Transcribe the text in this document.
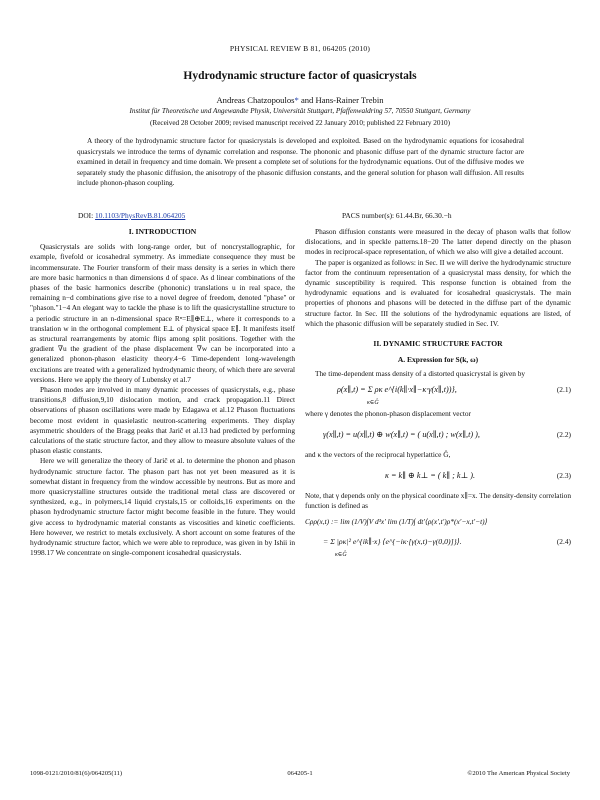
PHYSICAL REVIEW B 81, 064205 (2010)
Hydrodynamic structure factor of quasicrystals
Andreas Chatzopoulos* and Hans-Rainer Trebin
Institut für Theoretische und Angewandte Physik, Universität Stuttgart, Pfaffenwaldring 57, 70550 Stuttgart, Germany
(Received 28 October 2009; revised manuscript received 22 January 2010; published 22 February 2010)
A theory of the hydrodynamic structure factor for quasicrystals is developed and exploited. Based on the hydrodynamic equations for icosahedral quasicrystals we introduce the terms of dynamic correlation and response. The phononic and phasonic diffuse part of the dynamic structure factor are examined in detail in frequency and time domain. We present a complete set of solutions for the hydrodynamic equations. Out of the diffusive modes we separately study the phasonic diffusion, the anisotropy of the phasonic diffusion constants, and the general solution for phason wall diffusion. All results include phonon-phason coupling.
DOI: 10.1103/PhysRevB.81.064205	PACS number(s): 61.44.Br, 66.30.−h
I. INTRODUCTION

Quasicrystals are solids with long-range order, but of noncrystallographic, for example, fivefold or icosahedral symmetry. As immediate consequence they must be incommensurate. The Fourier transform of their mass density is a series in which there are more basic harmonics n than dimensions d of space. As d linear combinations of the phases of the basic harmonics describe (phononic) translations u in real space, the remaining n−d combinations give rise to a novel degree of freedom, denoted "phase" or "phason."1−4 An elegant way to tackle the phase is to lift the quasicrystalline structure to a periodic structure in an n-dimensional space Rⁿ=E∥⊕E⊥, where it corresponds to a translation w in the orthogonal complement E⊥ of physical space E∥. It manifests itself as structural rearrangements by atomic flips among split positions. Together with the gradient ∇u the gradient of the phase displacement ∇w can be incorporated into a generalized phonon-phason elasticity theory.4−6 Time-dependent long-wavelength excitations are treated with a generalized hydrodynamic theory, of which there are several versions. Here we apply the theory of Lubensky et al.7

Phason modes are involved in many dynamic processes of quasicrystals, e.g., phase transitions,8 diffusion,9,10 dislocation motion, and crack propagation.11 Direct observations of phason oscillations were made by Edagawa et al.12 Phason fluctuations become most evident in quasielastic neutron-scattering experiments. They display asymmetric shoulders of the Bragg peaks that Jarič et al.13 had predicted by performing calculations of the static structure factor, and they allow to measure absolute values of the phason elastic constants.

Here we will generalize the theory of Jarič et al. to determine the phonon and phason hydrodynamic structure factor. The phason part has not yet been measured as it is somewhat distant in frequency from the window accessible by neutrons. But as more and more quasicrystalline structures outside the traditional metal class are discovered or synthesized, e.g., in polymers,14 liquid crystals,15 or colloids,16 experiments on the phason hydrodynamic structure factor might become feasible in the future. They would give access to hydrodynamic material constants as viscosities and kinetic coefficients. Here however, we restrict to metals exclusively. A short account on some features of the hydrodynamic structure factor, which we were able to reproduce, was given in by Ishii in 1998.17 We concentrate on single-component icosahedral quasicrystals.

Phason diffusion constants were measured in the decay of phason walls that follow dislocations, and in speckle patterns.18−20 The latter depend directly on the phason modes in reciprocal-space representation, of which we also will give a detailed account.

The paper is organized as follows: in Sec. II we will derive the hydrodynamic structure factor from the continuum representation of a quasicrystal mass density, for which the dynamic susceptibility is required. This response function is obtained from the hydrodynamic equations and is evaluated for icosahedral quasicrystals. The main properties of phonons and phasons will be detected in the diffuse part of the dynamic structure factor. In Sec. III the solutions of the hydrodynamic equations are listed, of which the phasonic diffusion will be separately studied in Sec. IV.

II. DYNAMIC STRUCTURE FACTOR
A. Expression for S(k, ω)

The time-dependent mass density of a distorted quasicrystal is given by

ρ(x∥,t) = Σ ρκ e^{i(k∥·x∥−κ·γ(x∥,t))},
κ∈Ĝ
(2.1)

where γ denotes the phonon-phason displacement vector

γ(x∥,t) = u(x∥,t) ⊕ w(x∥,t) = ( u(x∥,t) ; w(x∥,t) ),	(2.2)

and κ the vectors of the reciprocal hyperlattice Ĝ,

κ = k∥ ⊕ k⊥ = ( k∥ ; k⊥ ).	(2.3)

Note, that γ depends only on the physical coordinate x∥=x. The density-density correlation function is defined as

Cρρ(x,t) := lim (1/V)∫V d³x′ lim (1/T)∫ dt′⟨ρ(x′,t′)ρ*(x′−x,t′−t)⟩
= Σ |ρκ|² e^{ik∥·x} ⟨e^{−iκ·[γ(x,t)−γ(0,0)]}⟩.
κ∈Ĝ
(2.4)
1098-0121/2010/81(6)/064205(11)	064205-1	©2010 The American Physical Society
